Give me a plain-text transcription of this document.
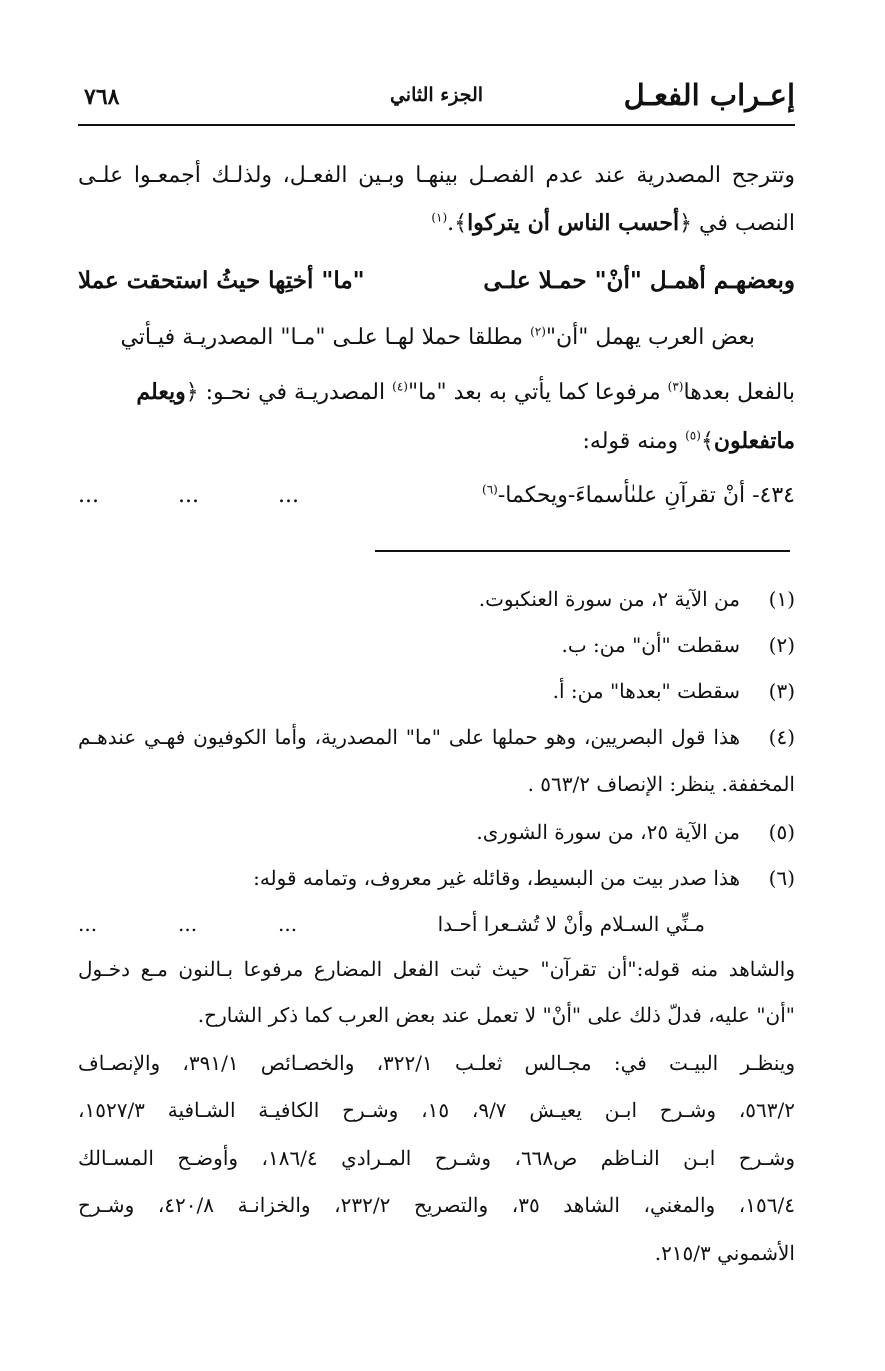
إعـراب الفعـل
الجزء الثاني
٧٦٨
وتترجح المصدرية عند عدم الفصـل بينهـا وبـين الفعـل، ولذلـك أجمعـوا علـى
النصب في ﴿أحسب الناس أن يتركوا﴾.$^{(١)}$
وبعضهـم أهمـل "أنْ" حمـلا علـى
"ما" أختِها حيثُ استحقت عملا
بعض العرب يهمل "أن"$^{(٢)}$ مطلقا حملا لهـا علـى "مـا" المصدريـة فيـأتي
بالفعل بعدها$^{(٣)}$ مرفوعا كما يأتي به بعد "ما"$^{(٤)}$ المصدريـة في نحـو: ﴿ويعلم
ماتفعلون﴾$^{(٥)}$ ومنه قوله:
٤٣٤- أنْ تقرآنِ علىٰأسماءَ-ويحكما-$^{(٦)}$
.........
(١)
من الآية ٢، من سورة العنكبوت.
(٢)
سقطت "أن" من: ب.
(٣)
سقطت "بعدها" من: أ.
(٤)
هذا قول البصريين، وهو حملها على "ما" المصدرية، وأما الكوفيون فهـي عندهـم
المخففة. ينظر: الإنصاف ٥٦٣/٢ .
(٥)
من الآية ٢٥، من سورة الشورى.
(٦)
هذا صدر بيت من البسيط، وقائله غير معروف، وتمامه قوله:
مـنِّي السـلام وأنْ لا تُشـعرا أحـدا
.........
والشاهد منه قوله:"أن تقرآن" حيث ثبت الفعل المضارع مرفوعا بـالنون مـع دخـول
"أن" عليه، فدلّ ذلك على "أنْ" لا تعمل عند بعض العرب كما ذكر الشارح.
وينظـر البيـت في: مجـالس ثعلـب ٣٢٢/١، والخصـائص ٣٩١/١، والإنصـاف
٥٦٣/٢، وشـرح ابـن يعيـش ٩/٧، ١٥، وشـرح الكافيـة الشـافية ١٥٢٧/٣،
وشـرح ابـن النـاظم ص٦٦٨، وشـرح المـرادي ١٨٦/٤، وأوضـح المسـالك
١٥٦/٤، والمغني، الشاهد ٣٥، والتصريح ٢٣٢/٢، والخزانـة ٤٢٠/٨، وشـرح
الأشموني ٢١٥/٣.
